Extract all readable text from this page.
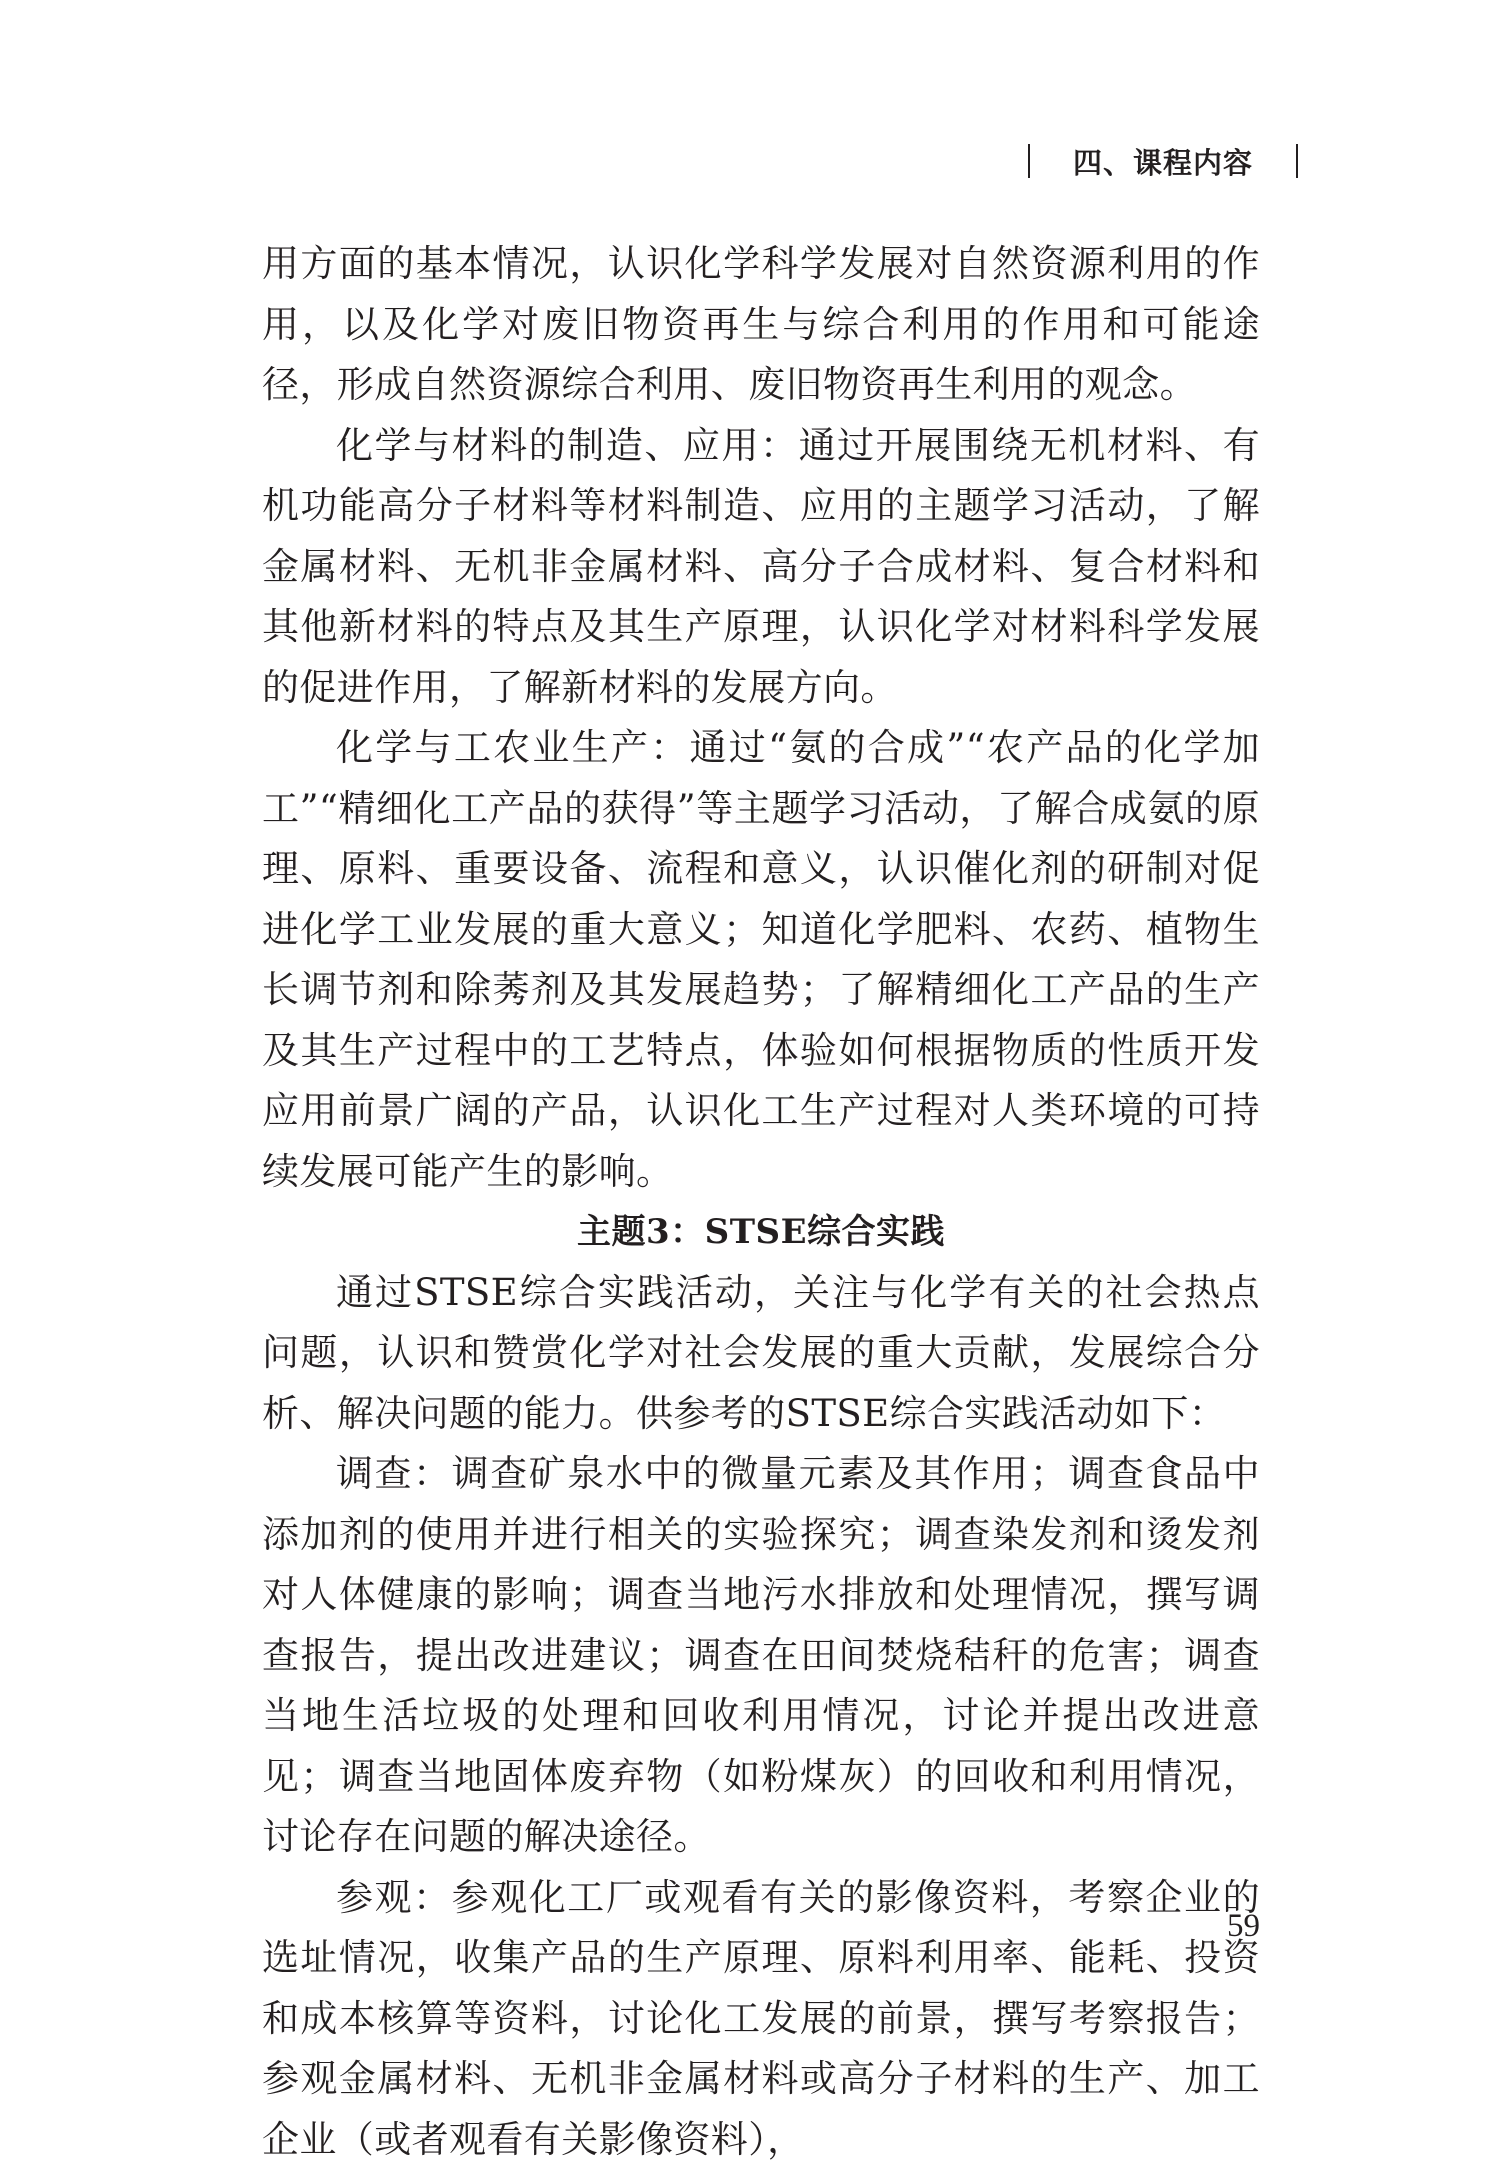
四、课程内容

用方面的基本情况，认识化学科学发展对自然资源利用的作用，以及化学对废旧物资再生与综合利用的作用和可能途径，形成自然资源综合利用、废旧物资再生利用的观念。

化学与材料的制造、应用：通过开展围绕无机材料、有机功能高分子材料等材料制造、应用的主题学习活动，了解金属材料、无机非金属材料、高分子合成材料、复合材料和其他新材料的特点及其生产原理，认识化学对材料科学发展的促进作用，了解新材料的发展方向。

化学与工农业生产：通过“氨的合成”“农产品的化学加工”“精细化工产品的获得”等主题学习活动，了解合成氨的原理、原料、重要设备、流程和意义，认识催化剂的研制对促进化学工业发展的重大意义；知道化学肥料、农药、植物生长调节剂和除莠剂及其发展趋势；了解精细化工产品的生产及其生产过程中的工艺特点，体验如何根据物质的性质开发应用前景广阔的产品，认识化工生产过程对人类环境的可持续发展可能产生的影响。

主题3：STSE综合实践

通过STSE综合实践活动，关注与化学有关的社会热点问题，认识和赞赏化学对社会发展的重大贡献，发展综合分析、解决问题的能力。供参考的STSE综合实践活动如下：

调查：调查矿泉水中的微量元素及其作用；调查食品中添加剂的使用并进行相关的实验探究；调查染发剂和烫发剂对人体健康的影响；调查当地污水排放和处理情况，撰写调查报告，提出改进建议；调查在田间焚烧秸秆的危害；调查当地生活垃圾的处理和回收利用情况，讨论并提出改进意见；调查当地固体废弃物（如粉煤灰）的回收和利用情况，讨论存在问题的解决途径。

参观：参观化工厂或观看有关的影像资料，考察企业的选址情况，收集产品的生产原理、原料利用率、能耗、投资和成本核算等资料，讨论化工发展的前景，撰写考察报告；参观金属材料、无机非金属材料或高分子材料的生产、加工企业（或者观看有关影像资料），

59
